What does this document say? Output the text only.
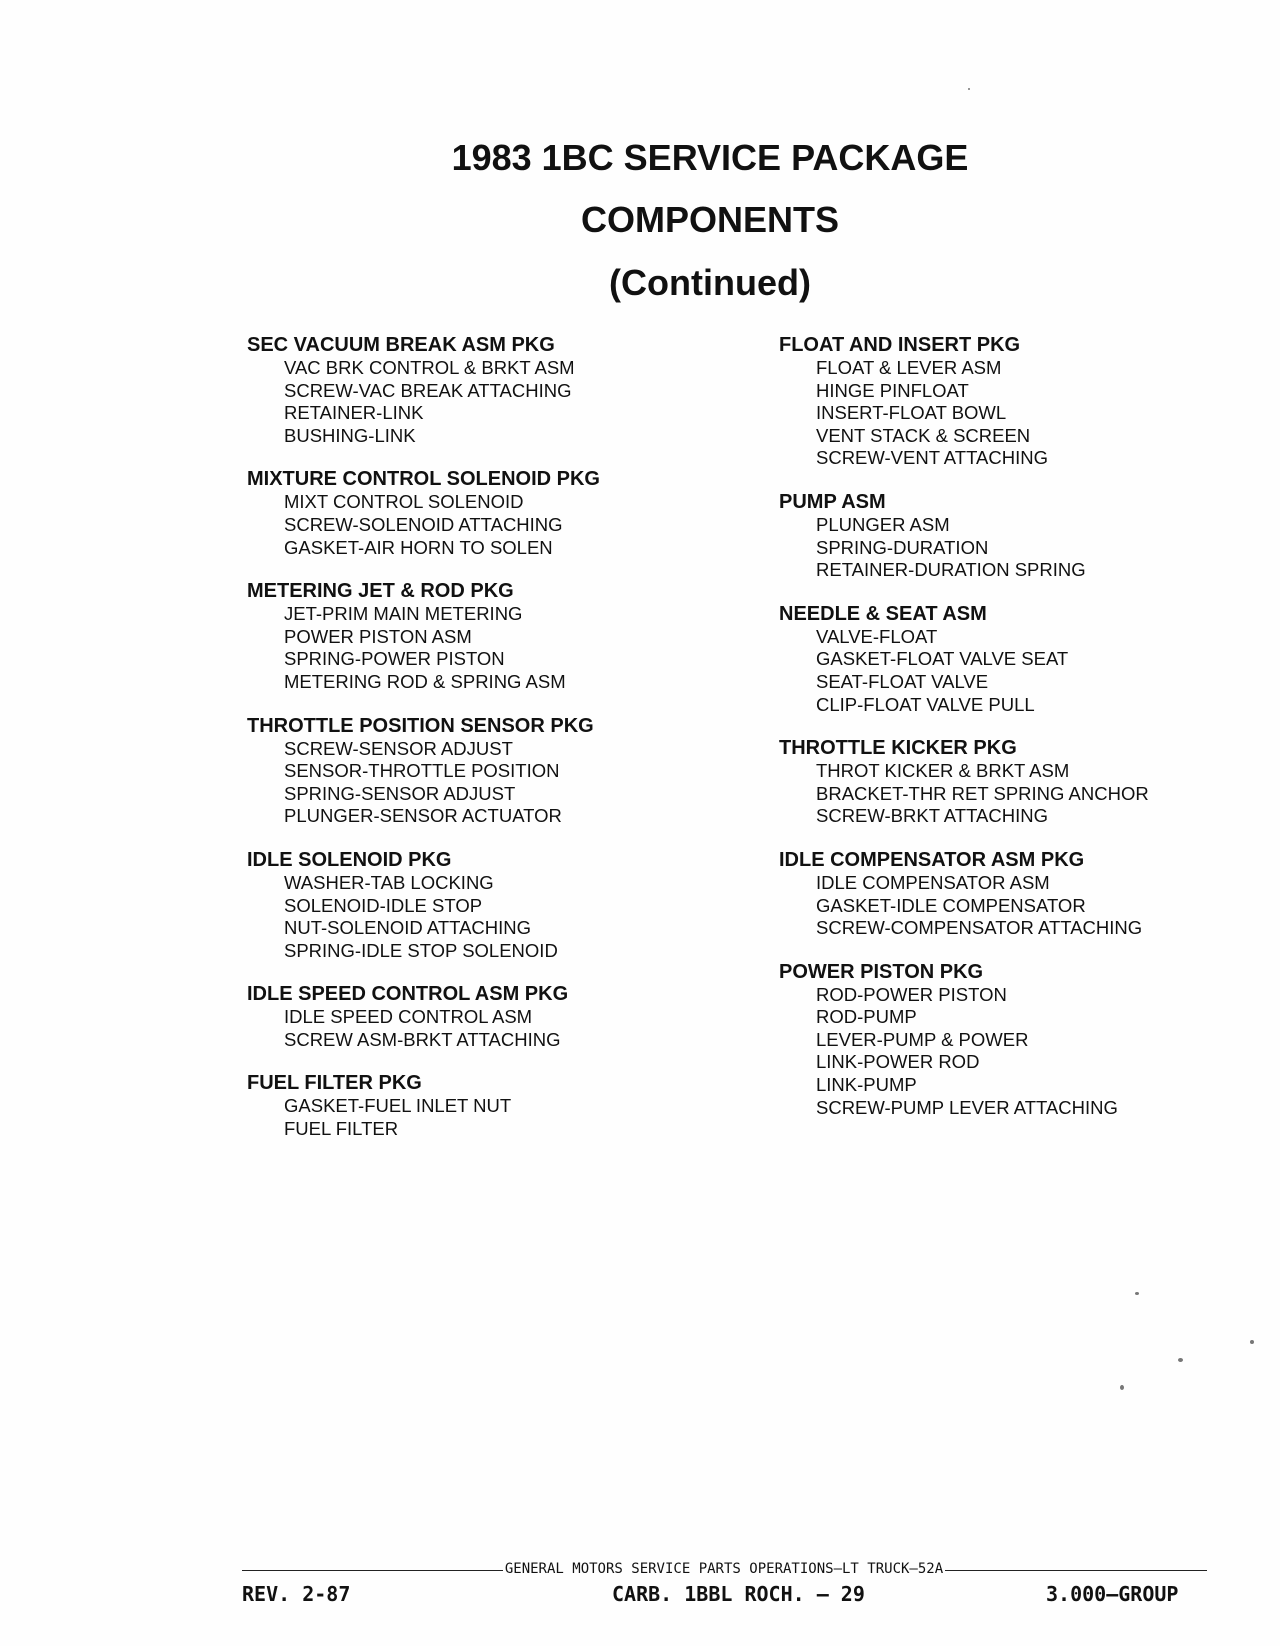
1983 1BC SERVICE PACKAGE
COMPONENTS
(Continued)
SEC VACUUM BREAK ASM PKG
VAC BRK CONTROL & BRKT ASM
SCREW-VAC BREAK ATTACHING
RETAINER-LINK
BUSHING-LINK
MIXTURE CONTROL SOLENOID PKG
MIXT CONTROL SOLENOID
SCREW-SOLENOID ATTACHING
GASKET-AIR HORN TO SOLEN
METERING JET & ROD PKG
JET-PRIM MAIN METERING
POWER PISTON ASM
SPRING-POWER PISTON
METERING ROD & SPRING ASM
THROTTLE POSITION SENSOR PKG
SCREW-SENSOR ADJUST
SENSOR-THROTTLE POSITION
SPRING-SENSOR ADJUST
PLUNGER-SENSOR ACTUATOR
IDLE SOLENOID PKG
WASHER-TAB LOCKING
SOLENOID-IDLE STOP
NUT-SOLENOID ATTACHING
SPRING-IDLE STOP SOLENOID
IDLE SPEED CONTROL ASM PKG
IDLE SPEED CONTROL ASM
SCREW ASM-BRKT ATTACHING
FUEL FILTER PKG
GASKET-FUEL INLET NUT
FUEL FILTER
FLOAT AND INSERT PKG
FLOAT & LEVER ASM
HINGE PINFLOAT
INSERT-FLOAT BOWL
VENT STACK & SCREEN
SCREW-VENT ATTACHING
PUMP ASM
PLUNGER ASM
SPRING-DURATION
RETAINER-DURATION SPRING
NEEDLE & SEAT ASM
VALVE-FLOAT
GASKET-FLOAT VALVE SEAT
SEAT-FLOAT VALVE
CLIP-FLOAT VALVE PULL
THROTTLE KICKER PKG
THROT KICKER & BRKT ASM
BRACKET-THR RET SPRING ANCHOR
SCREW-BRKT ATTACHING
IDLE COMPENSATOR ASM PKG
IDLE COMPENSATOR ASM
GASKET-IDLE COMPENSATOR
SCREW-COMPENSATOR ATTACHING
POWER PISTON PKG
ROD-POWER PISTON
ROD-PUMP
LEVER-PUMP & POWER
LINK-POWER ROD
LINK-PUMP
SCREW-PUMP LEVER ATTACHING
GENERAL MOTORS SERVICE PARTS OPERATIONS—LT TRUCK—52A
REV. 2-87	CARB. 1BBL ROCH. — 29	3.000—GROUP
